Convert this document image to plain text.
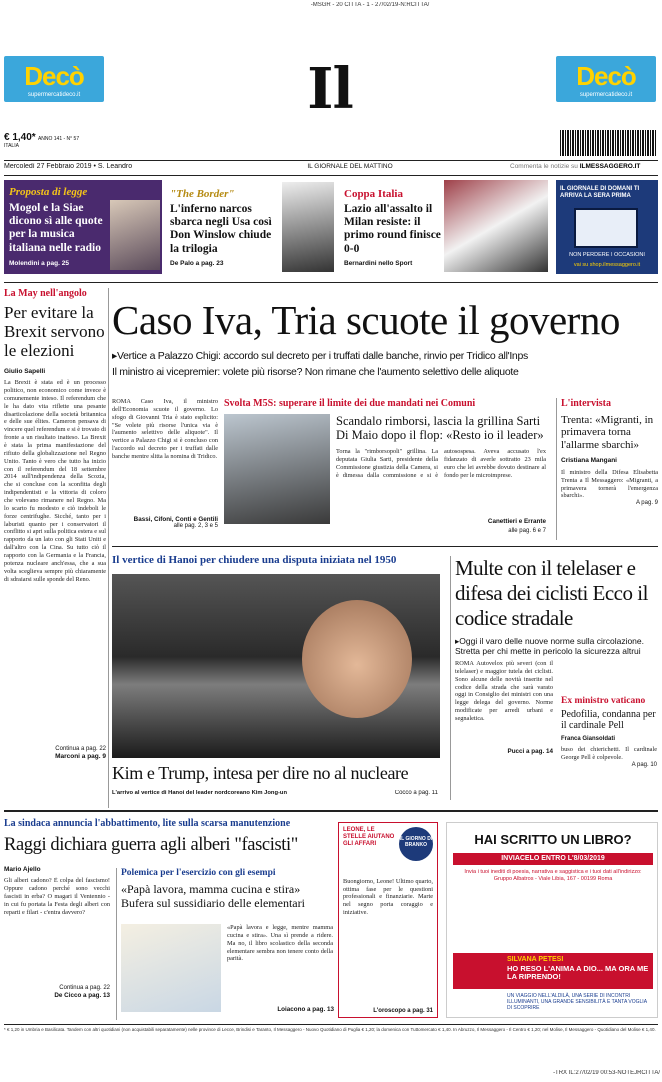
-MSGR - 20 CITTA - 1 - 27/02/19-N:RCITTA/
Decò
supermercatideco.it
Decò
supermercatideco.it
Il
€ 1,40* ANNO 141 - N° 57
ITALIA
Mercoledì 27 Febbraio 2019 • S. Leandro	IL GIORNALE DEL MATTINO	Commenta le notizie su ILMESSAGGERO.IT
Proposta di legge
Mogol e la Siae dicono sì alle quote per la musica italiana nelle radio
Molendini a pag. 25
"The Border"
L'inferno narcos sbarca negli Usa così Don Winslow chiude la trilogia
De Palo a pag. 23
Coppa Italia
Lazio all'assalto il Milan resiste: il primo round finisce 0-0
Bernardini nello Sport
IL GIORNALE DI DOMANI TI ARRIVA LA SERA PRIMA
NON PERDERE I OCCASIONI
vai su shop.ilmessaggero.it
La May nell'angolo
Per evitare la Brexit servono le elezioni
Giulio Sapelli
La Brexit è stata ed è un processo politico, non economico come invece è comunemente inteso. Il referendum che le ha dato vita riflette una pesante disarticolazione della società britannica e delle sue élites. Cameron pensava di vincere quel referendum e si è trovato di fronte a un risultato inatteso. La Brexit è stata la prima manifestazione del rifiuto della globalizzazione nel Regno Unito. Tanto è vero che tutto ha inizio con il referendum del 18 settembre 2014 sull'indipendenza della Scozia, che si concluse con la sconfitta degli indipendentisti e la vittoria di coloro che volevano rimanere nel Regno. Ma lo scarto fu modesto e ciò indeboli le forze centrifughe. Sicché, tanto per i laburisti quanto per i conservatori il conflitto si apri sulla politica estera e sul rapporto da un lato con gli Stati Uniti e dall'altro con la Cina. Su tutto ciò il rapporto con la Germania e la Francia, potenza nucleare anch'essa, che a sua volta sceglieva sempre più chiaramente di sdraiarsi sulle sponde del Reno.
Continua a pag. 22
Marconi a pag. 9
Caso Iva, Tria scuote il governo
▸Vertice a Palazzo Chigi: accordo sul decreto per i truffati dalle banche, rinvio per Tridico all'Inps
Il ministro ai vicepremier: volete più risorse? Non rimane che l'aumento selettivo delle aliquote
ROMA Caso Iva, il ministro dell'Economia scuote il governo. Lo sfogo di Giovanni Tria è stato esplicito: "Se volete più risorse l'unica via è l'aumento selettivo delle aliquote". Il vertice a Palazzo Chigi si è concluso con l'accordo sul decreto per i truffati dalle banche mentre slitta la nomina di Tridico.
Bassi, Cifoni, Conti e Gentili
alle pag. 2, 3 e 5
Svolta M5S: superare il limite dei due mandati nei Comuni
Scandalo rimborsi, lascia la grillina Sarti Di Maio dopo il flop: «Resto io il leader»
Torna la "rimborsopoli" grillina. La deputata Giulia Sarti, presidente della Commissione giustizia della Camera, si è dimessa dalla commissione e si è autosospesa. Aveva accusato l'ex fidanzato di averle sottratto 23 mila euro che lei avrebbe dovuto destinare al fondo per le microimprese.
Canettieri e Errante
alle pag. 6 e 7
L'intervista
Trenta: «Migranti, in primavera torna l'allarme sbarchi»
Cristiana Mangani
Il ministro della Difesa Elisabetta Trenta a Il Messaggero: «Migranti, a primavera tornerà l'emergenza sbarchi».
A pag. 9
Il vertice di Hanoi per chiudere una disputa iniziata nel 1950
Kim e Trump, intesa per dire no al nucleare
L'arrivo al vertice di Hanoi del leader nordcoreano Kim Jong-un	Cocco a pag. 11
Multe con il telelaser e difesa dei ciclisti Ecco il codice stradale
▸Oggi il varo delle nuove norme sulla circolazione. Stretta per chi mette in pericolo la sicurezza altrui
ROMA Autovelox più severi (con il telelaser) e maggior tutela dei ciclisti. Sono alcune delle novità inserite nel codice della strada che sarà varato oggi in Consiglio dei ministri con una legge delega del governo. Norme modificate per arredi urbani e segnaletica.
Pucci a pag. 14
Ex ministro vaticano
Pedofilia, condanna per il cardinale Pell
Franca Giansoldati
buso dei chierichetti. Il cardinale George Pell è colpevole.
A pag. 10
La sindaca annuncia l'abbattimento, lite sulla scarsa manutenzione
Raggi dichiara guerra agli alberi "fascisti"
Mario Ajello
Gli alberi cadono? È colpa del fascismo! Oppure cadono perché sono vecchi fascisti in erba? O magari il Ventennio - in cui fu portata la Festa degli alberi con reparti e filari - c'entra davvero?
Continua a pag. 22
De Cicco a pag. 13
Polemica per l'esercizio con gli esempi
«Papà lavora, mamma cucina e stira» Bufera sul sussidiario delle elementari
«Papà lavora e legge, mentre mamma cucina e stira». Una sì prende a ridere. Ma no, il libro scolastico della seconda elementare sembra non tenere conto della parità.
Loiacono a pag. 13
LEONE, LE STELLE AIUTANO GLI AFFARI
IL GIORNO DI BRANKO
Buongiorno, Leone! Ultimo quarto, ottima fase per le questioni professionali e finanziarie. Marte nel segno porta coraggio e iniziative.
L'oroscopo a pag. 31
HAI SCRITTO UN LIBRO?
INVIACELO ENTRO L'8/03/2019
Invia i tuoi inediti di poesia, narrativa e saggistica e i tuoi dati all'indirizzo: Gruppo Albatros - Viale Libia, 167 - 00199 Roma
SILVANA PETESI
HO RESO L'ANIMA A DIO... MA ORA ME LA RIPRENDO!
UN VIAGGIO NELL'ALDILÀ, UNA SERIE DI INCONTRI ILLUMINANTI, UNA GRANDE SENSIBILITÀ E TANTA VOGLIA DI SCOPRIRE
* € 1,20 in Umbria e Basilicata. Tandem con altri quotidiani (non acquistabili separatamente) nelle province di Lecce, Brindisi e Taranto, Il Messaggero - Nuovo Quotidiano di Puglia € 1,20; la domenica con Tuttomercato € 1,40. In Abruzzo, Il Messaggero - Il Centro € 1,20; nel Molise, Il Messaggero - Quotidiano del Molise € 1,40.
-TRX IL:27/02/19 00:53-NOTEJRCITTA/
